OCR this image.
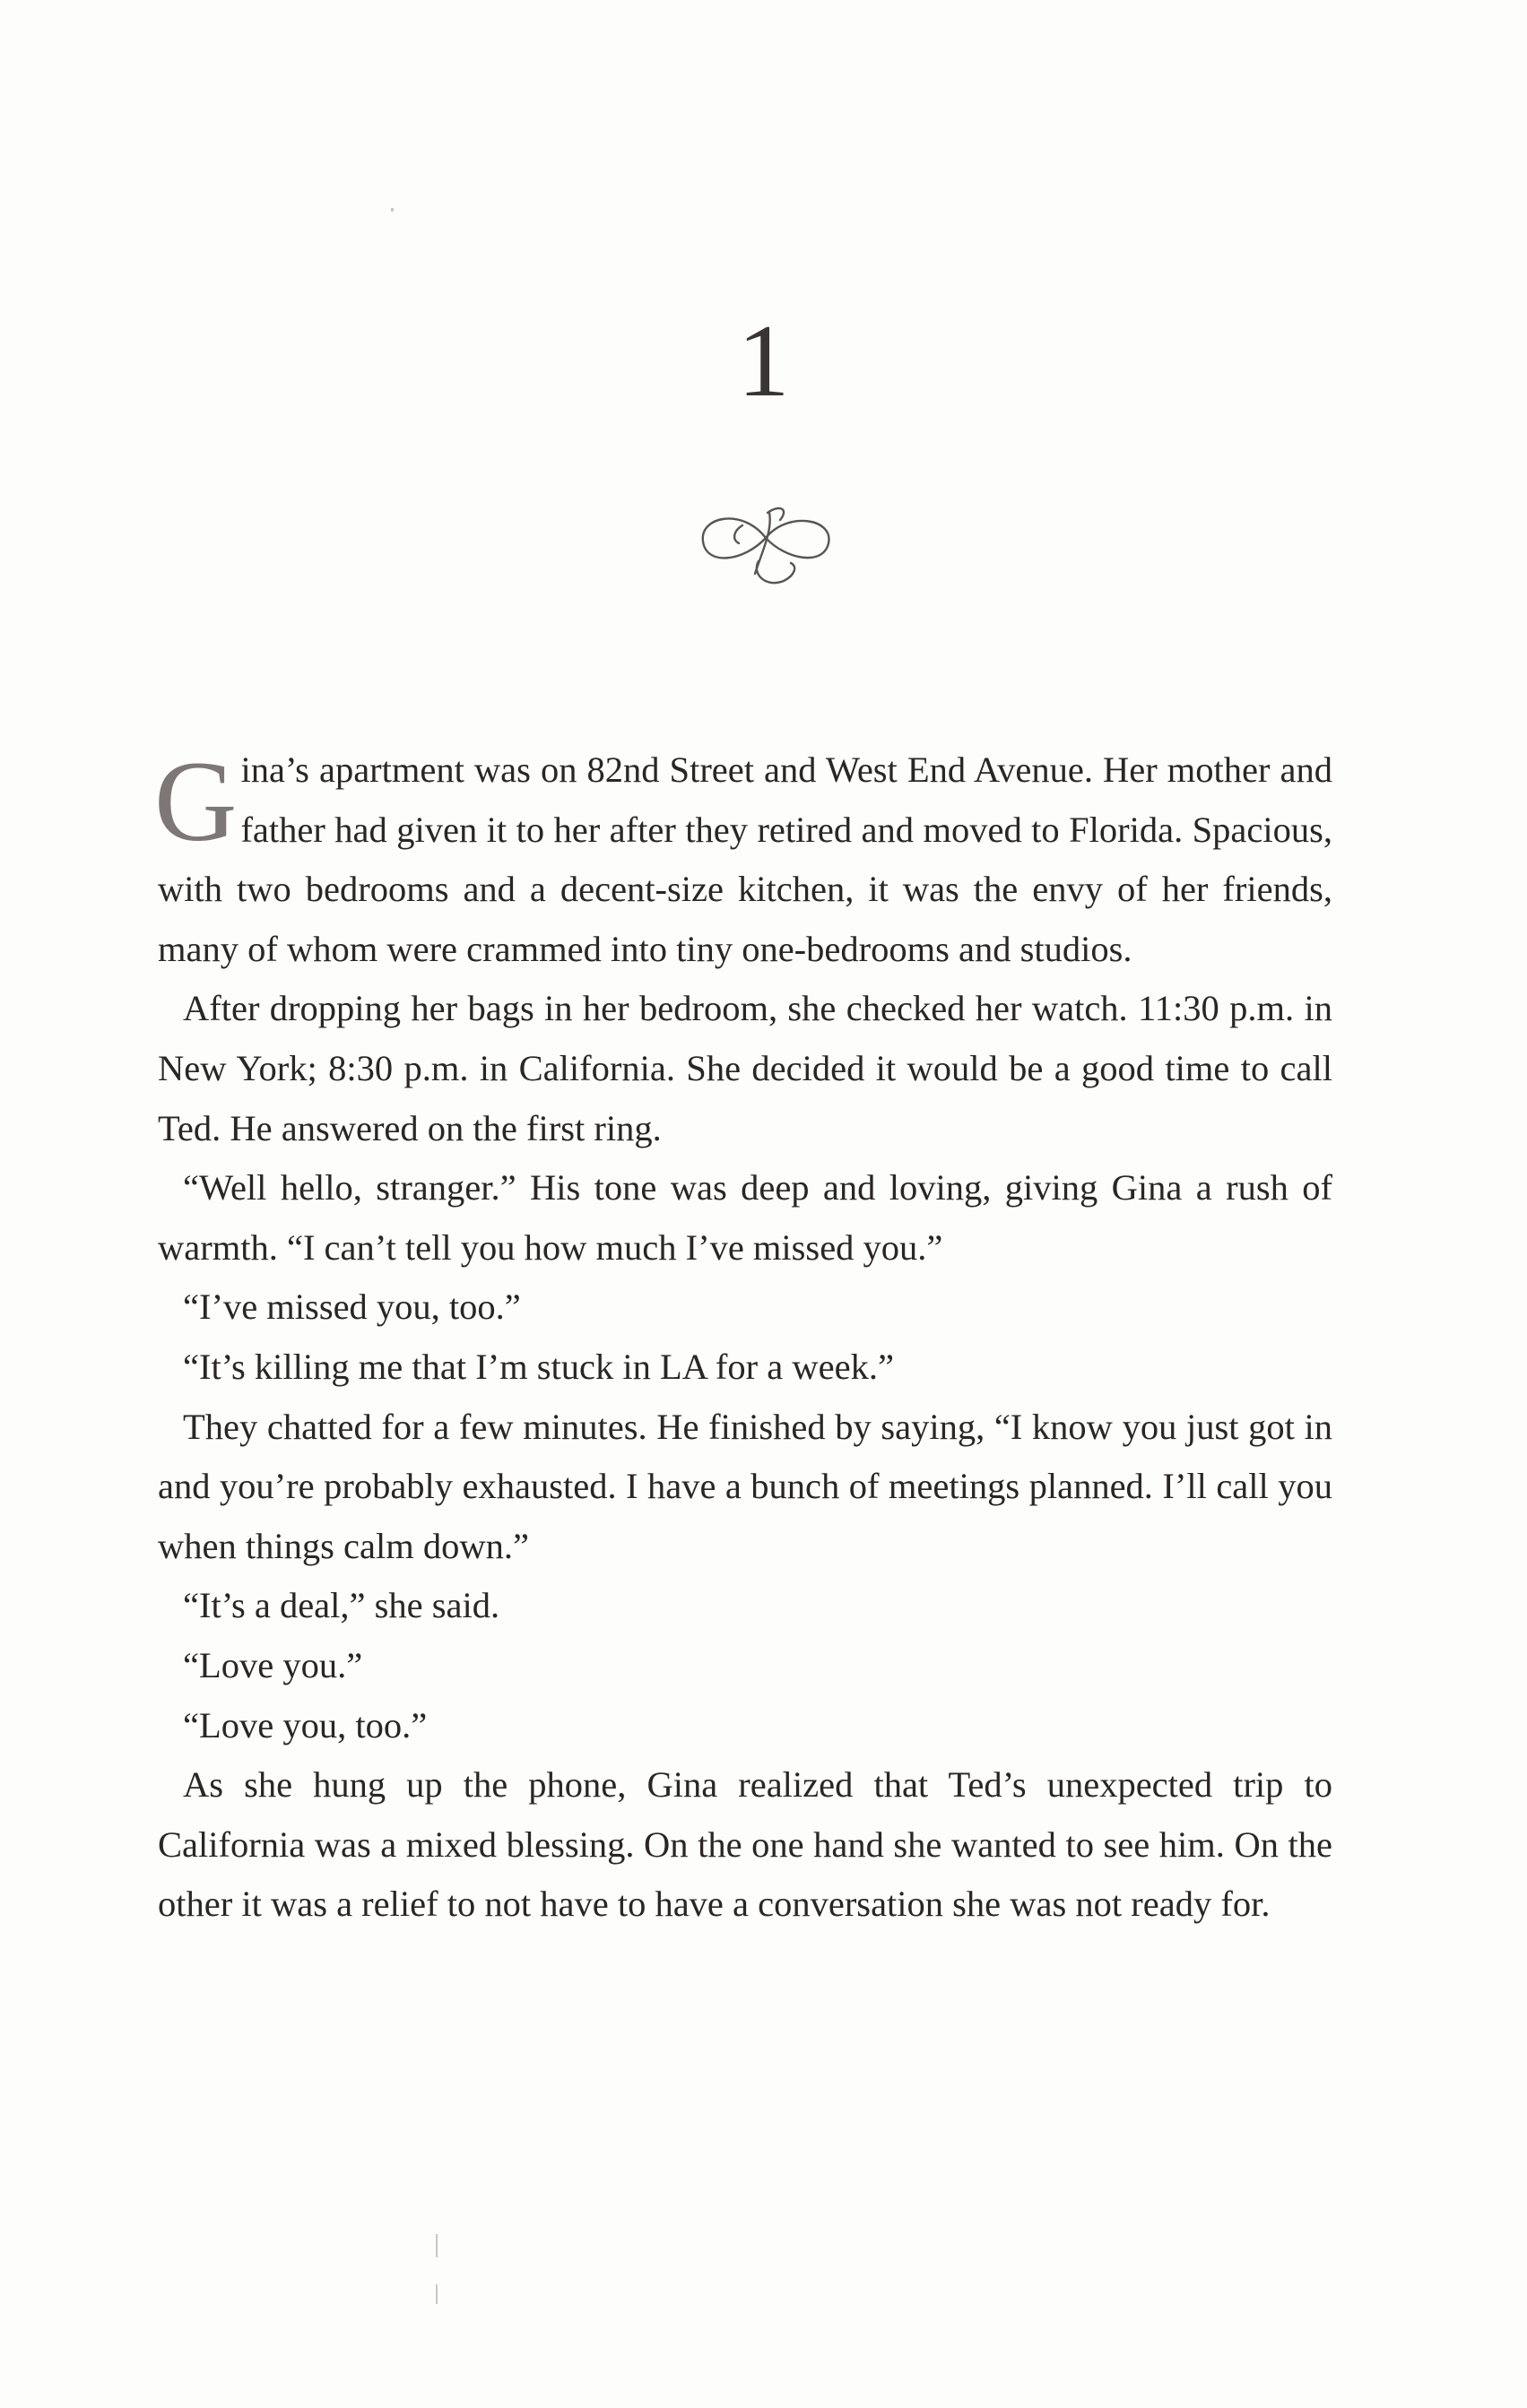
1

Gina’s apartment was on 82nd Street and West End Avenue. Her mother and father had given it to her after they retired and moved to Florida. Spacious, with two bedrooms and a decent-size kitchen, it was the envy of her friends, many of whom were crammed into tiny one-bedrooms and studios.

After dropping her bags in her bedroom, she checked her watch. 11:30 p.m. in New York; 8:30 p.m. in California. She decided it would be a good time to call Ted. He answered on the first ring.

“Well hello, stranger.” His tone was deep and loving, giving Gina a rush of warmth. “I can’t tell you how much I’ve missed you.”

“I’ve missed you, too.”

“It’s killing me that I’m stuck in LA for a week.”

They chatted for a few minutes. He finished by saying, “I know you just got in and you’re probably exhausted. I have a bunch of meetings planned. I’ll call you when things calm down.”

“It’s a deal,” she said.

“Love you.”

“Love you, too.”

As she hung up the phone, Gina realized that Ted’s unexpected trip to California was a mixed blessing. On the one hand she wanted to see him. On the other it was a relief to not have to have a conversation she was not ready for.
